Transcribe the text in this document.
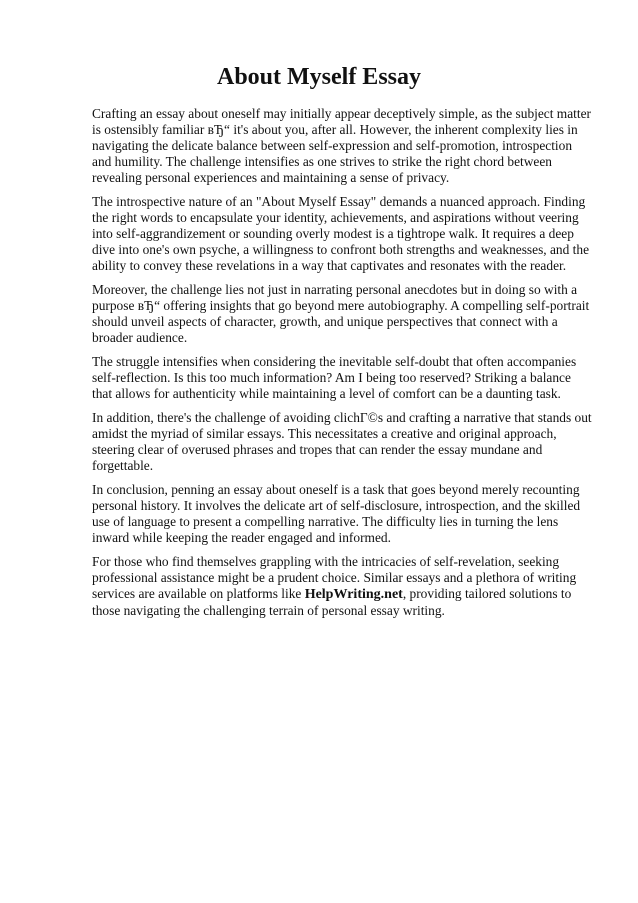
About Myself Essay

Crafting an essay about oneself may initially appear deceptively simple, as the subject matter is ostensibly familiar вЂ“ it's about you, after all. However, the inherent complexity lies in navigating the delicate balance between self-expression and self-promotion, introspection and humility. The challenge intensifies as one strives to strike the right chord between revealing personal experiences and maintaining a sense of privacy.

The introspective nature of an "About Myself Essay" demands a nuanced approach. Finding the right words to encapsulate your identity, achievements, and aspirations without veering into self-aggrandizement or sounding overly modest is a tightrope walk. It requires a deep dive into one's own psyche, a willingness to confront both strengths and weaknesses, and the ability to convey these revelations in a way that captivates and resonates with the reader.

Moreover, the challenge lies not just in narrating personal anecdotes but in doing so with a purpose вЂ“ offering insights that go beyond mere autobiography. A compelling self-portrait should unveil aspects of character, growth, and unique perspectives that connect with a broader audience.

The struggle intensifies when considering the inevitable self-doubt that often accompanies self-reflection. Is this too much information? Am I being too reserved? Striking a balance that allows for authenticity while maintaining a level of comfort can be a daunting task.

In addition, there's the challenge of avoiding clichГ©s and crafting a narrative that stands out amidst the myriad of similar essays. This necessitates a creative and original approach, steering clear of overused phrases and tropes that can render the essay mundane and forgettable.

In conclusion, penning an essay about oneself is a task that goes beyond merely recounting personal history. It involves the delicate art of self-disclosure, introspection, and the skilled use of language to present a compelling narrative. The difficulty lies in turning the lens inward while keeping the reader engaged and informed.

For those who find themselves grappling with the intricacies of self-revelation, seeking professional assistance might be a prudent choice. Similar essays and a plethora of writing services are available on platforms like HelpWriting.net, providing tailored solutions to those navigating the challenging terrain of personal essay writing.
